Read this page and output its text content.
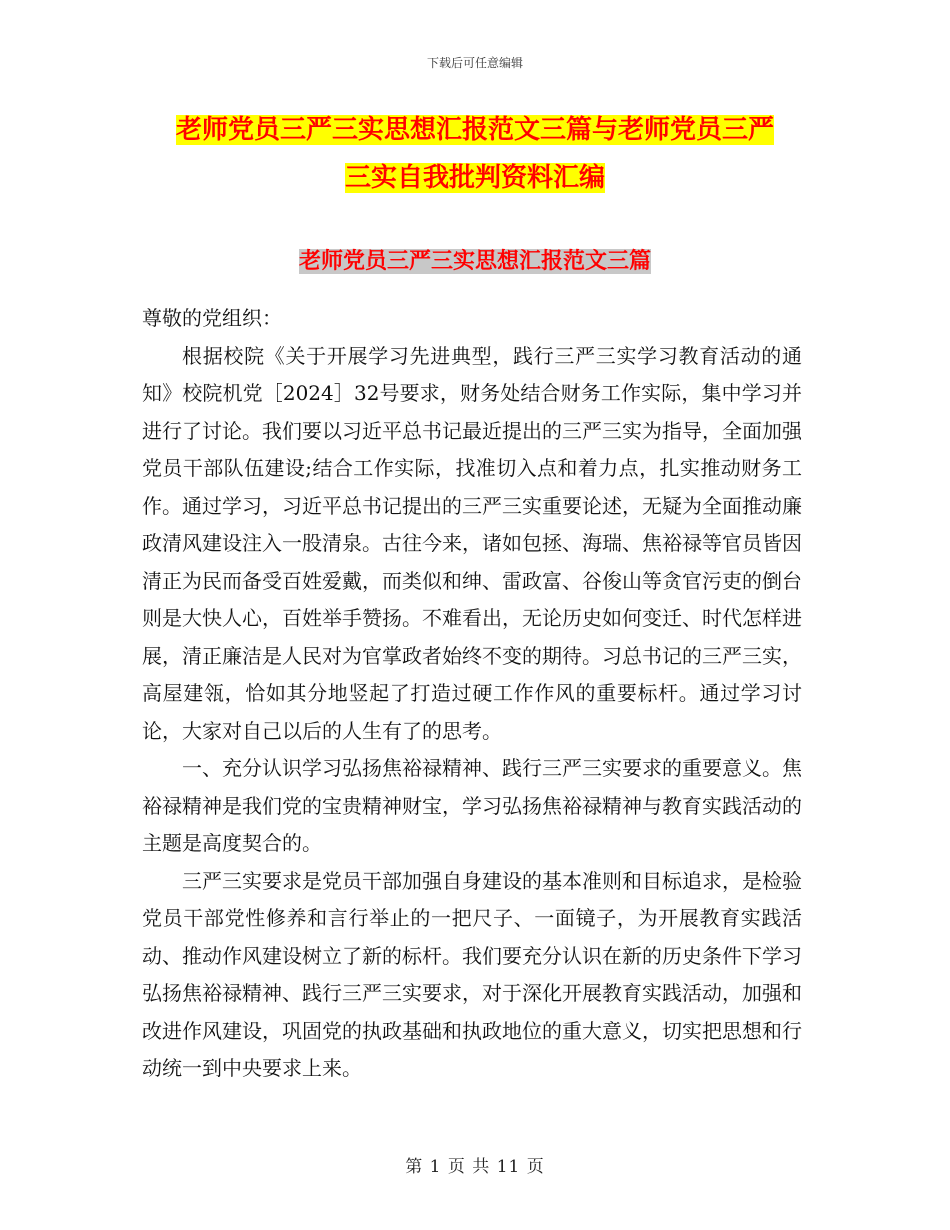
下载后可任意编辑
老师党员三严三实思想汇报范文三篇与老师党员三严
三实自我批判资料汇编
老师党员三严三实思想汇报范文三篇

尊敬的党组织：

根据校院《关于开展学习先进典型，践行三严三实学习教育活动的通知》校院机党［2024］32号要求，财务处结合财务工作实际，集中学习并进行了讨论。我们要以习近平总书记最近提出的三严三实为指导，全面加强党员干部队伍建设;结合工作实际，找准切入点和着力点，扎实推动财务工作。通过学习，习近平总书记提出的三严三实重要论述，无疑为全面推动廉政清风建设注入一股清泉。古往今来，诸如包拯、海瑞、焦裕禄等官员皆因清正为民而备受百姓爱戴，而类似和绅、雷政富、谷俊山等贪官污吏的倒台则是大快人心，百姓举手赞扬。不难看出，无论历史如何变迁、时代怎样进展，清正廉洁是人民对为官掌政者始终不变的期待。习总书记的三严三实，高屋建瓴，恰如其分地竖起了打造过硬工作作风的重要标杆。通过学习讨论，大家对自己以后的人生有了的思考。

一、充分认识学习弘扬焦裕禄精神、践行三严三实要求的重要意义。焦裕禄精神是我们党的宝贵精神财宝，学习弘扬焦裕禄精神与教育实践活动的主题是高度契合的。

三严三实要求是党员干部加强自身建设的基本准则和目标追求，是检验党员干部党性修养和言行举止的一把尺子、一面镜子，为开展教育实践活动、推动作风建设树立了新的标杆。我们要充分认识在新的历史条件下学习弘扬焦裕禄精神、践行三严三实要求，对于深化开展教育实践活动，加强和改进作风建设，巩固党的执政基础和执政地位的重大意义，切实把思想和行动统一到中央要求上来。

第 1 页 共 11 页
